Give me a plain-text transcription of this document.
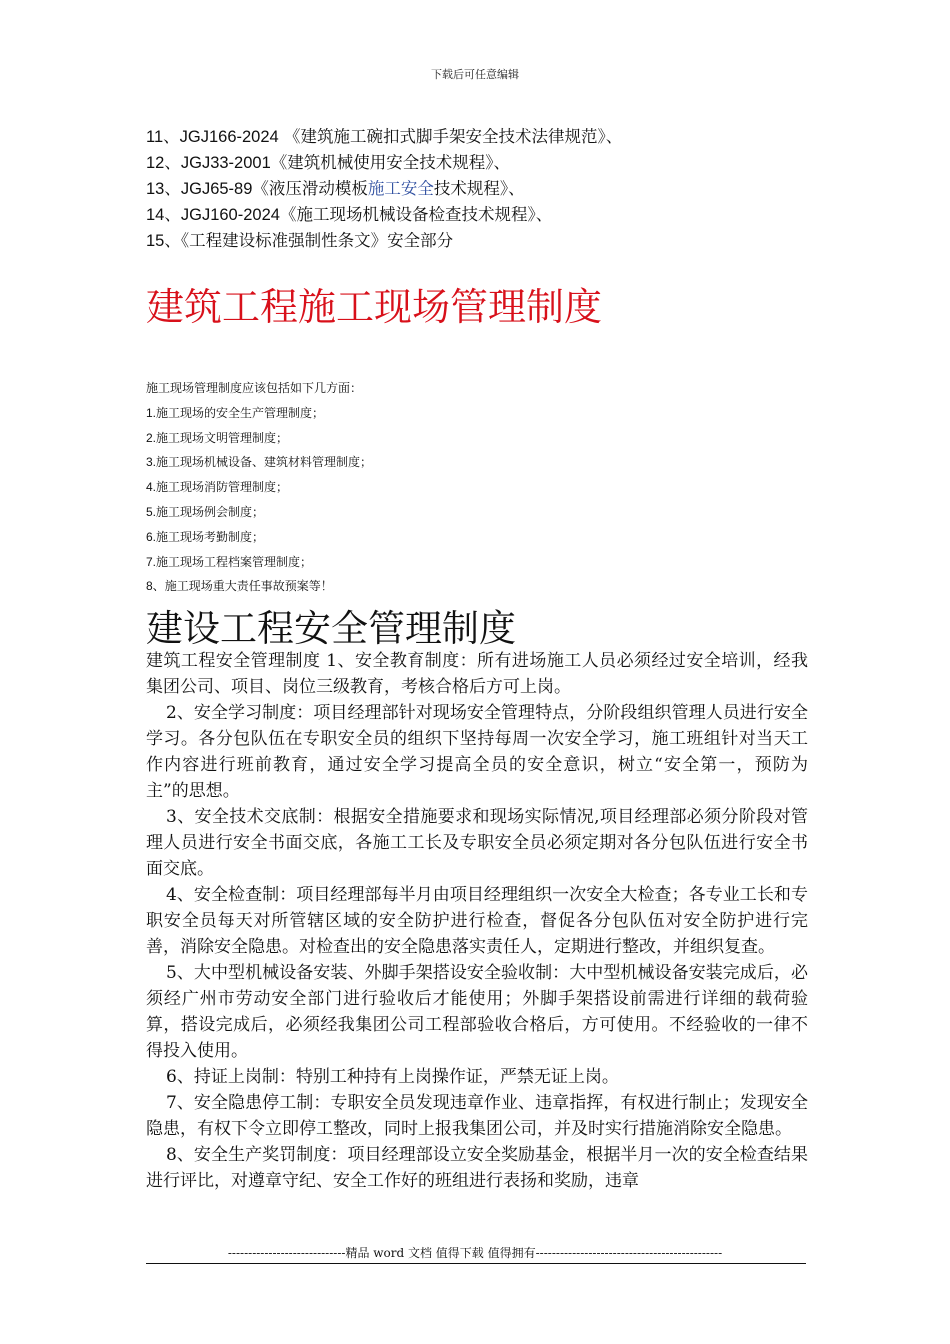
下载后可任意编辑
11、JGJ166-2024 《建筑施工碗扣式脚手架安全技术法律规范》、
12、JGJ33-2001《建筑机械使用安全技术规程》、
13、JGJ65-89《液压滑动模板施工安全技术规程》、
14、JGJ160-2024《施工现场机械设备检查技术规程》、
15、《工程建设标准强制性条文》安全部分
建筑工程施工现场管理制度
施工现场管理制度应该包括如下几方面：
1.施工现场的安全生产管理制度；
2.施工现场文明管理制度；
3.施工现场机械设备、建筑材料管理制度；
4.施工现场消防管理制度；
5.施工现场例会制度；
6.施工现场考勤制度；
7.施工现场工程档案管理制度；
8、施工现场重大责任事故预案等！
建设工程安全管理制度

建筑工程安全管理制度 1、安全教育制度：所有进场施工人员必须经过安全培训，经我集团公司、项目、岗位三级教育，考核合格后方可上岗。

2、安全学习制度：项目经理部针对现场安全管理特点，分阶段组织管理人员进行安全学习。各分包队伍在专职安全员的组织下坚持每周一次安全学习，施工班组针对当天工作内容进行班前教育，通过安全学习提高全员的安全意识，树立“安全第一，预防为主”的思想。

3、安全技术交底制：根据安全措施要求和现场实际情况,项目经理部必须分阶段对管理人员进行安全书面交底，各施工工长及专职安全员必须定期对各分包队伍进行安全书面交底。

4、安全检查制：项目经理部每半月由项目经理组织一次安全大检查；各专业工长和专职安全员每天对所管辖区域的安全防护进行检查，督促各分包队伍对安全防护进行完善，消除安全隐患。对检查出的安全隐患落实责任人，定期进行整改，并组织复查。

5、大中型机械设备安装、外脚手架搭设安全验收制：大中型机械设备安装完成后，必须经广州市劳动安全部门进行验收后才能使用；外脚手架搭设前需进行详细的载荷验算，搭设完成后，必须经我集团公司工程部验收合格后，方可使用。不经验收的一律不得投入使用。

6、持证上岗制：特别工种持有上岗操作证，严禁无证上岗。

7、安全隐患停工制：专职安全员发现违章作业、违章指挥，有权进行制止；发现安全隐患，有权下令立即停工整改，同时上报我集团公司，并及时实行措施消除安全隐患。

8、安全生产奖罚制度：项目经理部设立安全奖励基金，根据半月一次的安全检查结果进行评比，对遵章守纪、安全工作好的班组进行表扬和奖励，违章

-----------------------------精品 word 文档 值得下载 值得拥有----------------------------------------------
